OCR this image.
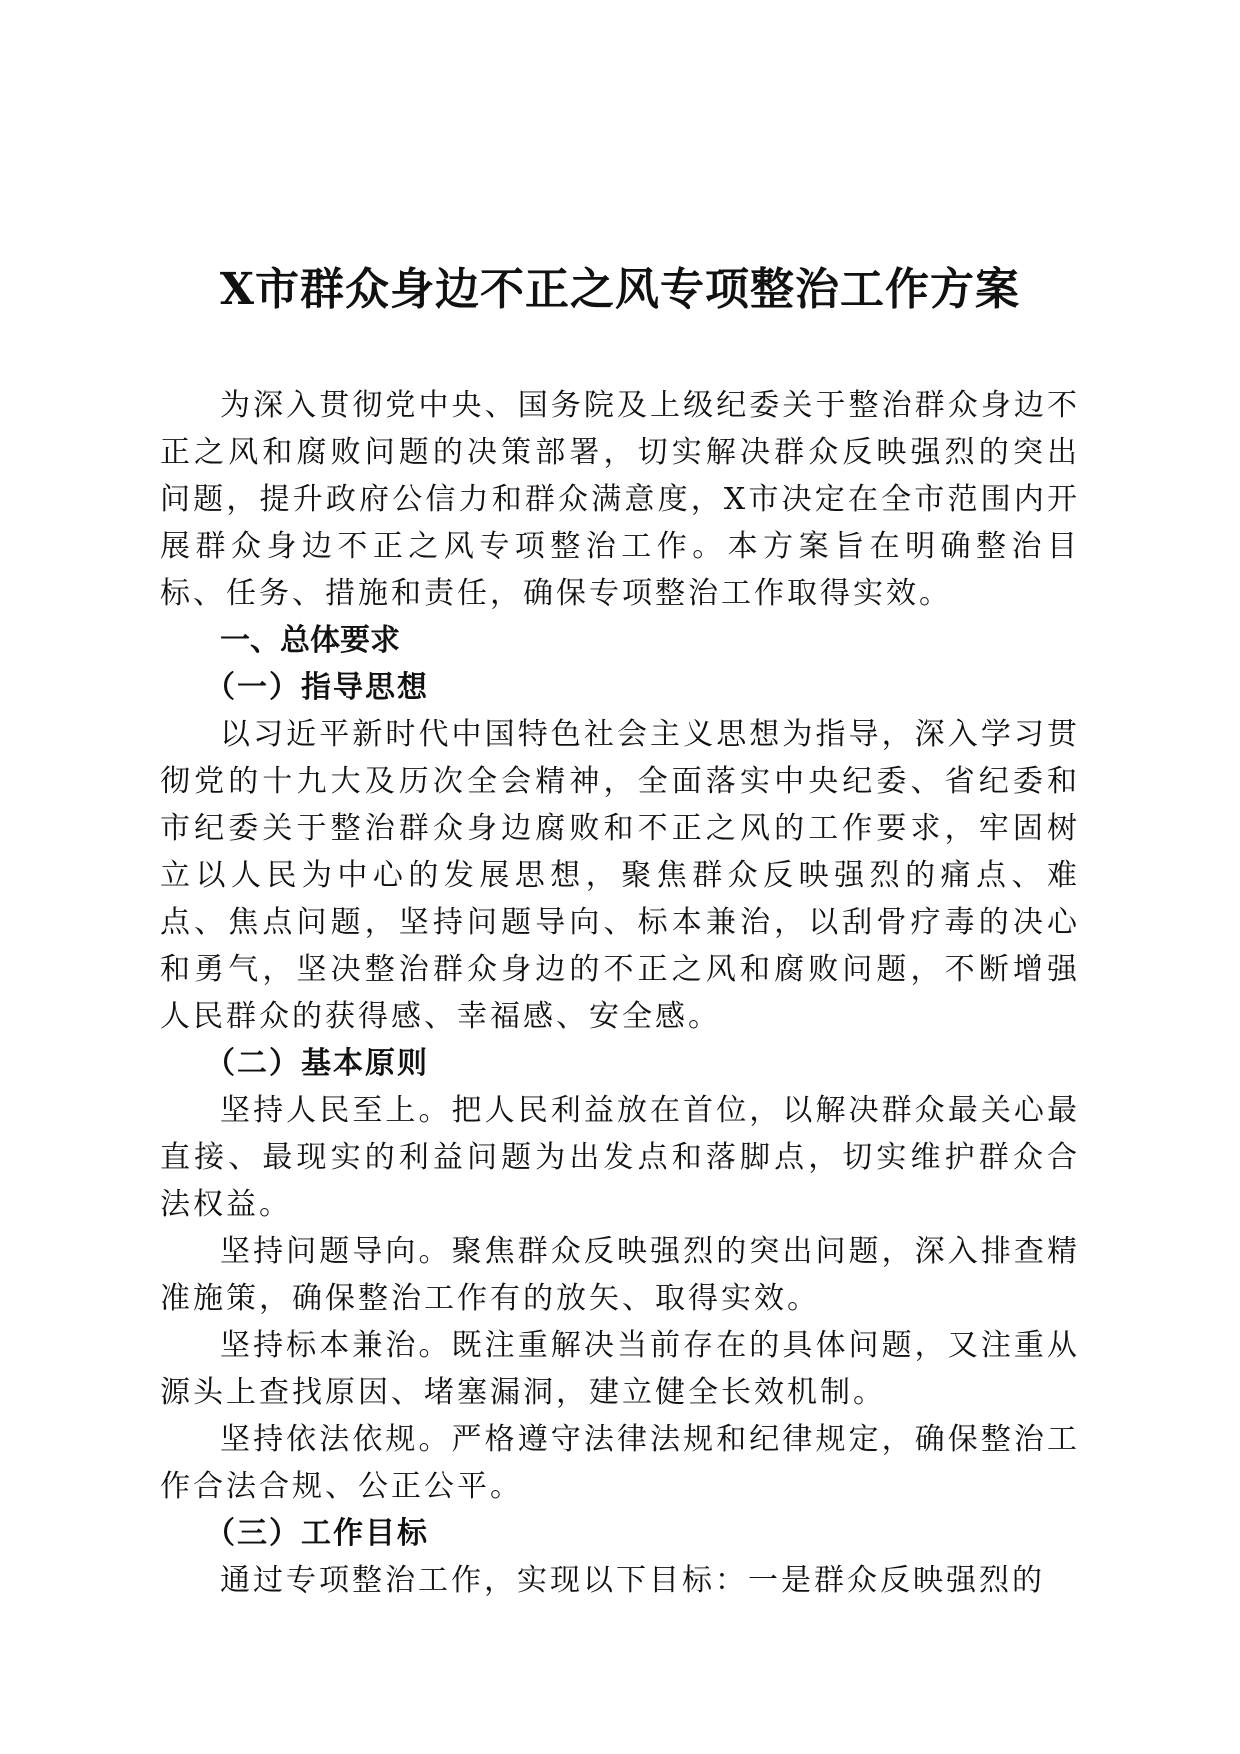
X市群众身边不正之风专项整治工作方案

为深入贯彻党中央、国务院及上级纪委关于整治群众身边不正之风和腐败问题的决策部署，切实解决群众反映强烈的突出问题，提升政府公信力和群众满意度，X市决定在全市范围内开展群众身边不正之风专项整治工作。本方案旨在明确整治目标、任务、措施和责任，确保专项整治工作取得实效。

一、总体要求

（一）指导思想

以习近平新时代中国特色社会主义思想为指导，深入学习贯彻党的十九大及历次全会精神，全面落实中央纪委、省纪委和市纪委关于整治群众身边腐败和不正之风的工作要求，牢固树立以人民为中心的发展思想，聚焦群众反映强烈的痛点、难点、焦点问题，坚持问题导向、标本兼治，以刮骨疗毒的决心和勇气，坚决整治群众身边的不正之风和腐败问题，不断增强人民群众的获得感、幸福感、安全感。

（二）基本原则

坚持人民至上。把人民利益放在首位，以解决群众最关心最直接、最现实的利益问题为出发点和落脚点，切实维护群众合法权益。

坚持问题导向。聚焦群众反映强烈的突出问题，深入排查精准施策，确保整治工作有的放矢、取得实效。

坚持标本兼治。既注重解决当前存在的具体问题，又注重从源头上查找原因、堵塞漏洞，建立健全长效机制。

坚持依法依规。严格遵守法律法规和纪律规定，确保整治工作合法合规、公正公平。

（三）工作目标

通过专项整治工作，实现以下目标：一是群众反映强烈的
